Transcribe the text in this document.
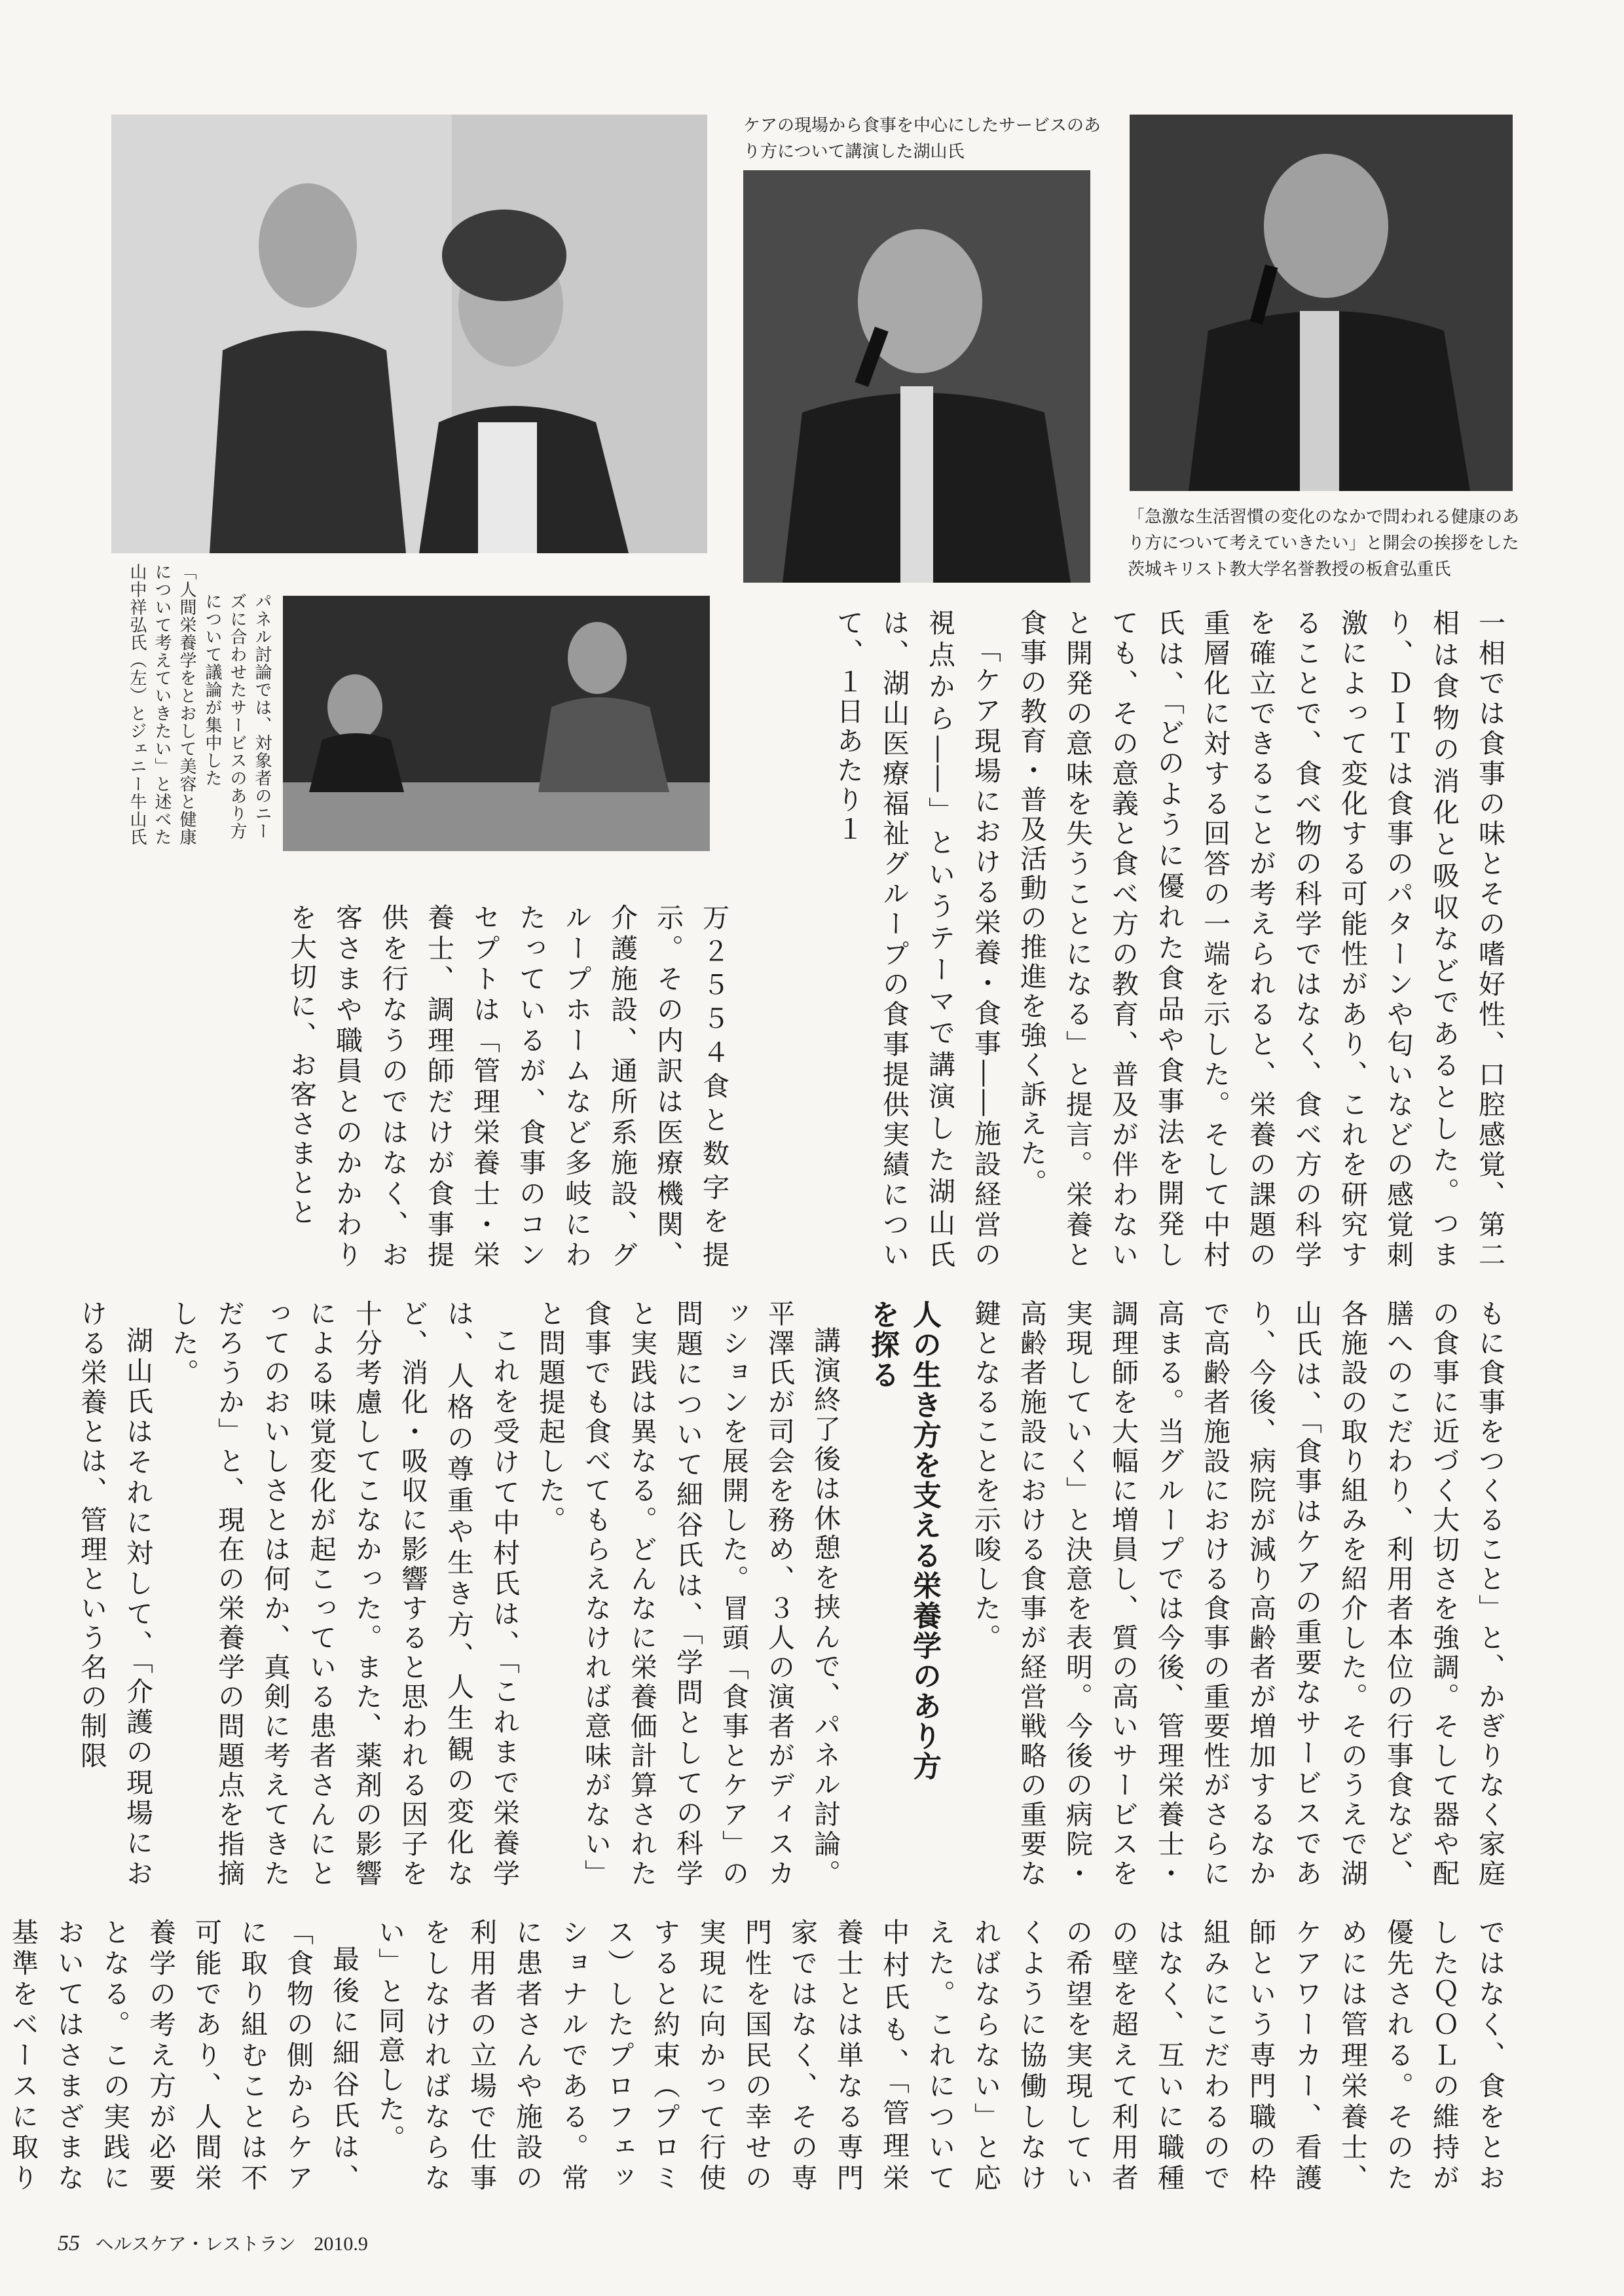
ケアの現場から食事を中心にしたサービスのあり方について講演した湖山氏
「急激な生活習慣の変化のなかで問われる健康のあり方について考えていきたい」と開会の挨拶をした茨城キリスト教大学名誉教授の板倉弘重氏
「人間栄養学をとおして美容と健康について考えていきたい」と述べた山中祥弘氏（左）とジェニー牛山氏	パネル討論では、対象者のニーズに合わせたサービスのあり方について議論が集中した	一相では食事の味とその嗜好性、口腔感覚、第二相は食物の消化と吸収などであるとした。つまり、ＤＩＴは食事のパターンや匂いなどの感覚刺激によって変化する可能性があり、これを研究することで、食べ物の科学ではなく、食べ方の科学を確立できることが考えられると、栄養の課題の重層化に対する回答の一端を示した。そして中村氏は、「どのように優れた食品や食事法を開発しても、その意義と食べ方の教育、普及が伴わないと開発の意味を失うことになる」と提言。栄養と食事の教育・普及活動の推進を強く訴えた。

「ケア現場における栄養・食事――施設経営の視点から――」というテーマで講演した湖山氏は、湖山医療福祉グループの食事提供実績について、１日あたり１

万２５５４食と数字を提示。その内訳は医療機関、介護施設、通所系施設、グループホームなど多岐にわたっているが、食事のコンセプトは「管理栄養士・栄養士、調理師だけが食事提供を行なうのではなく、お客さまや職員とのかかわりを大切に、お客さまとと

人の生き方を支える栄養学のあり方を探る	もに食事をつくること」と、かぎりなく家庭の食事に近づく大切さを強調。そして器や配膳へのこだわり、利用者本位の行事食など、各施設の取り組みを紹介した。そのうえで湖山氏は、「食事はケアの重要なサービスであり、今後、病院が減り高齢者が増加するなかで高齢者施設における食事の重要性がさらに高まる。当グループでは今後、管理栄養士・調理師を大幅に増員し、質の高いサービスを実現していく」と決意を表明。今後の病院・高齢者施設における食事が経営戦略の重要な鍵となることを示唆した。

講演終了後は休憩を挟んで、パネル討論。平澤氏が司会を務め、３人の演者がディスカッションを展開した。冒頭「食事とケア」の問題について細谷氏は、「学問としての科学と実践は異なる。どんなに栄養価計算された食事でも食べてもらえなければ意味がない」と問題提起した。

これを受けて中村氏は、「これまで栄養学は、人格の尊重や生き方、人生観の変化など、消化・吸収に影響すると思われる因子を十分考慮してこなかった。また、薬剤の影響による味覚変化が起こっている患者さんにとってのおいしさとは何か、真剣に考えてきただろうか」と、現在の栄養学の問題点を指摘した。

湖山氏はそれに対して、「介護の現場における栄養とは、管理という名の制限

ではなく、食をとおしたＱＯＬの維持が優先される。そのためには管理栄養士、ケアワーカー、看護師という専門職の枠組みにこだわるのではなく、互いに職種の壁を超えて利用者の希望を実現していくように協働しなければならない」と応えた。これについて中村氏も、「管理栄養士とは単なる専門家ではなく、その専門性を国民の幸せの実現に向かって行使すると約束（プロミス）したプロフェッショナルである。常に患者さんや施設の利用者の立場で仕事をしなければならない」と同意した。

最後に細谷氏は、「食物の側からケアに取り組むことは不可能であり、人間栄養学の考え方が必要となる。この実践においてはさまざまな基準をベースに取り

55 ヘルスケア・レストラン 2010.9
